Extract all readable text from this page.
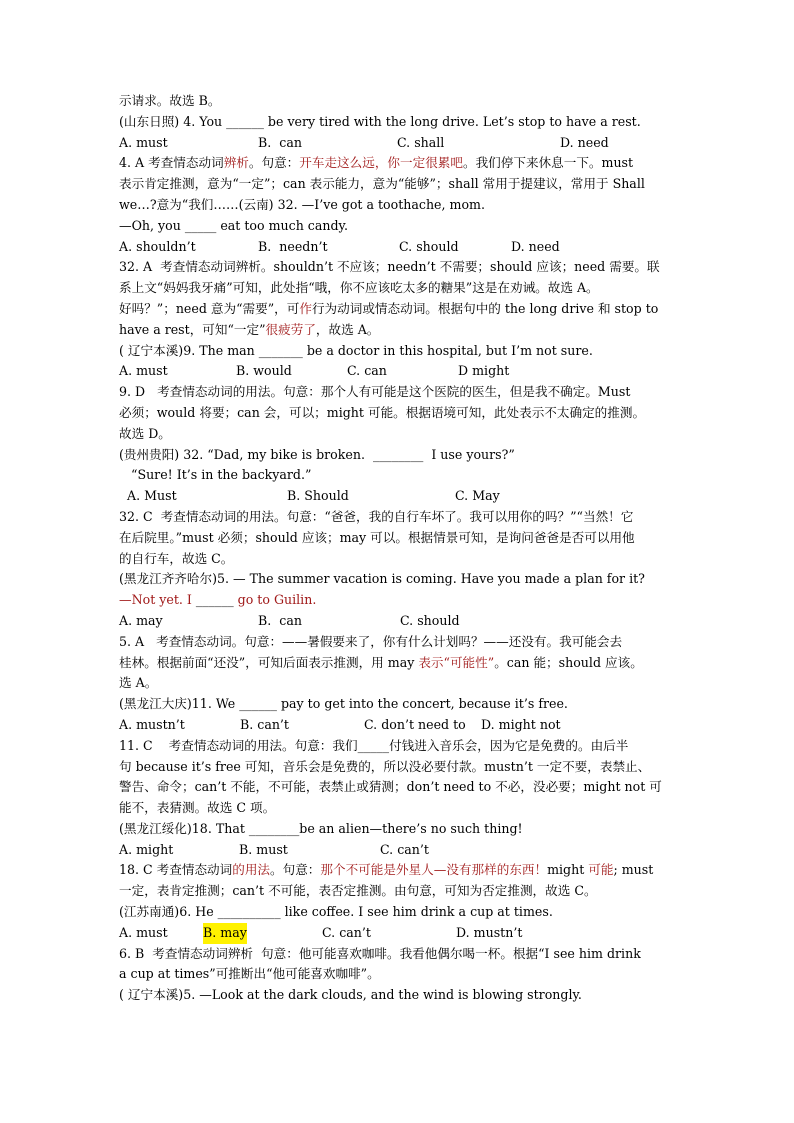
示请求。故选 B。
(山东日照) 4. You ______ be very tired with the long drive. Let’s stop to have a rest.
A. must	B.  can	C. shall	D. need
4. A 考查情态动词辨析。句意：开车走这么远，你一定很累吧。我们停下来休息一下。must
表示肯定推测，意为“一定”；can 表示能力，意为“能够”；shall 常用于提建议，常用于 Shall
we…?意为“我们……(云南) 32. —I’ve got a toothache, mom.
—Oh, you _____ eat too much candy.
A. shouldn’t	B.  needn’t	C. should	D. need
32. A  考查情态动词辨析。shouldn’t 不应该；needn’t 不需要；should 应该；need 需要。联
系上文“妈妈我牙痛”可知，此处指“哦，你不应该吃太多的糖果”这是在劝诫。故选 A。
好吗？”；need 意为“需要”，可作行为动词或情态动词。根据句中的 the long drive 和 stop to
have a rest，可知“一定”很疲劳了，故选 A。
( 辽宁本溪)9. The man _______ be a doctor in this hospital, but I’m not sure.
A. must	B. would	C. can	D might
9. D   考查情态动词的用法。句意：那个人有可能是这个医院的医生，但是我不确定。Must
必须；would 将要；can 会，可以；might 可能。根据语境可知，此处表示不太确定的推测。
故选 D。
(贵州贵阳) 32. “Dad, my bike is broken.  ________  I use yours?”
“Sure! It’s in the backyard.”
A. Must	B. Should	C. May
32. C  考查情态动词的用法。句意：“爸爸，我的自行车坏了。我可以用你的吗？”“当然！它
在后院里。”must 必须；should 应该；may 可以。根据情景可知，是询问爸爸是否可以用他
的自行车，故选 C。
(黑龙江齐齐哈尔)5. — The summer vacation is coming. Have you made a plan for it?
—Not yet. I ______ go to Guilin.
A. may	B.  can	C. should
5. A   考查情态动词。句意：——暑假要来了，你有什么计划吗？——还没有。我可能会去
桂林。根据前面“还没”，可知后面表示推测，用 may 表示“可能性”。can 能；should 应该。
选 A。
(黑龙江大庆)11. We ______ pay to get into the concert, because it’s free.
A. mustn’t	B. can’t	C. don’t need to D. might not
11. C    考查情态动词的用法。句意：我们_____付钱进入音乐会，因为它是免费的。由后半
句 because it’s free 可知，音乐会是免费的，所以没必要付款。mustn’t 一定不要，表禁止、
警告、命令；can’t 不能，不可能，表禁止或猜测；don’t need to 不必，没必要；might not 可
能不，表猜测。故选 C 项。
(黑龙江绥化)18. That ________be an alien—there’s no such thing!
A. might	B. must	C. can’t
18. C 考查情态动词的用法。句意：那个不可能是外星人—没有那样的东西！might 可能; must
一定，表肯定推测；can’t 不可能，表否定推测。由句意，可知为否定推测，故选 C。
(江苏南通)6. He __________ like coffee. I see him drink a cup at times.
A. must	B. may	C. can’t	D. mustn’t
6. B  考查情态动词辨析  句意：他可能喜欢咖啡。我看他偶尔喝一杯。根据“I see him drink
a cup at times”可推断出“他可能喜欢咖啡”。
( 辽宁本溪)5. —Look at the dark clouds, and the wind is blowing strongly.
